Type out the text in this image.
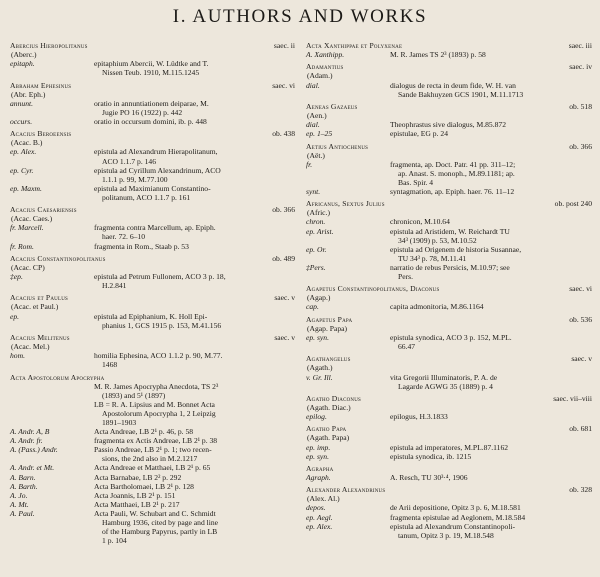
I. AUTHORS AND WORKS
Abercius Hieropolitanus	saec. ii
(Aberc.)
epitaph.	epitaphium Abercii, W. Lüdtke and T.

Nissen Teub. 1910, M.115.1245
Abraham Ephesinus	saec. vi
(Abr. Eph.)
annunt.	oratio in annuntiationem deiparae, M.

Jugie PO 16 (1922) p. 442
occurs.	oratio in occursum domini, ib. p. 448
Acacius Beroeensis	ob. 438
(Acac. B.)
ep. Alex.	epistula ad Alexandrum Hierapolitanum,

ACO 1.1.7 p. 146
ep. Cyr.	epistula ad Cyrillum Alexandrinum, ACO

1.1.1 p. 99, M.77.100
ep. Maxm.	epistula ad Maximianum Constantino-

politanum, ACO 1.1.7 p. 161
Acacius Caesariensis	ob. 366
(Acac. Caes.)
fr. Marcell.	fragmenta contra Marcellum, ap. Epiph.

haer. 72. 6–10
fr. Rom.	fragmenta in Rom., Staab p. 53
Acacius Constantinopolitanus	ob. 489
(Acac. CP)
‡ep.	epistula ad Petrum Fullonem, ACO 3 p. 18,

H.2.841
Acacius et Paulus	saec. v
(Acac. et Paul.)
ep.	epistula ad Epiphanium, K. Holl Epi-

phanius 1, GCS 1915 p. 153, M.41.156
Acacius Melitenus	saec. v
(Acac. Mel.)
hom.	homilia Ephesina, ACO 1.1.2 p. 90, M.77.

1468
Acta Apostolorum Apocrypha
M. R. James Apocrypha Anecdota, TS 2³

(1893) and 5¹ (1897)
LB = R. A. Lipsius and M. Bonnet Acta

Apostolorum Apocrypha 1, 2 Leipzig
1891–1903
A. Andr. A, B	Acta Andreae, LB 2¹ p. 46, p. 58
A. Andr. fr.	fragmenta ex Actis Andreae, LB 2¹ p. 38
A. (Pass.) Andr.	Passio Andreae, LB 2¹ p. 1; two recen-

sions, the 2nd also in M.2.1217
A. Andr. et Mt.	Acta Andreae et Matthaei, LB 2¹ p. 65
A. Barn.	Acta Barnabae, LB 2² p. 292
A. Barth.	Acta Bartholomaei, LB 2¹ p. 128
A. Jo.	Acta Joannis, LB 2¹ p. 151
A. Mt.	Acta Matthaei, LB 2¹ p. 217
A. Paul.	Acta Pauli, W. Schubart and C. Schmidt

Hamburg 1936, cited by page and line
of the Hamburg Papyrus, partly in LB
1 p. 104
Acta Xanthippae et Polyxenae	saec. iii
A. Xanthipp.	M. R. James TS 2³ (1893) p. 58
Adamantius	saec. iv
(Adam.)
dial.	dialogus de recta in deum fide, W. H. van

Sande Bakhuyzen GCS 1901, M.11.1713
Aeneas Gazaeus	ob. 518
(Aen.)
dial.	Theophrastus sive dialogus, M.85.872
ep. 1–25	epistulae, EG p. 24
Aetius Antiochenus	ob. 366
(Aët.)
fr.	fragmenta, ap. Doct. Patr. 41 pp. 311–12;

ap. Anast. S. monoph., M.89.1181; ap.
Bas. Spir. 4
synt.	syntagmation, ap. Epiph. haer. 76. 11–12
Africanus, Sextus Julius	ob. post 240
(Afric.)
chron.	chronicon, M.10.64
ep. Arist.	epistula ad Aristidem, W. Reichardt TU

34³ (1909) p. 53, M.10.52
ep. Or.	epistula ad Origenem de historia Susannae,

TU 34³ p. 78, M.11.41
‡Pers.	narratio de rebus Persicis, M.10.97; see

Pers.
Agapetus Constantinopolitanus, Diaconus	saec. vi
(Agap.)
cap.	capita admonitoria, M.86.1164
Agapetus Papa	ob. 536
(Agap. Papa)
ep. syn.	epistula synodica, ACO 3 p. 152, M.PL.

66.47
Agathangelus	saec. v
(Agath.)
v. Gr. Ill.	vita Gregorii Illuminatoris, P. A. de

Lagarde AGWG 35 (1889) p. 4
Agatho Diaconus	saec. vii–viii
(Agath. Diac.)
epilog.	epilogus, H.3.1833
Agatho Papa	ob. 681
(Agath. Papa)
ep. imp.	epistula ad imperatores, M.PL.87.1162
ep. syn.	epistula synodica, ib. 1215
Agrapha
Agraph.	A. Resch, TU 30³·⁴, 1906
Alexander Alexandrinus	ob. 328
(Alex. Al.)
depos.	de Arii depositione, Opitz 3 p. 6, M.18.581
ep. Aegl.	fragmenta epistulae ad Aeglonem, M.18.584
ep. Alex.	epistula ad Alexandrum Constantinopoli-

tanum, Opitz 3 p. 19, M.18.548
